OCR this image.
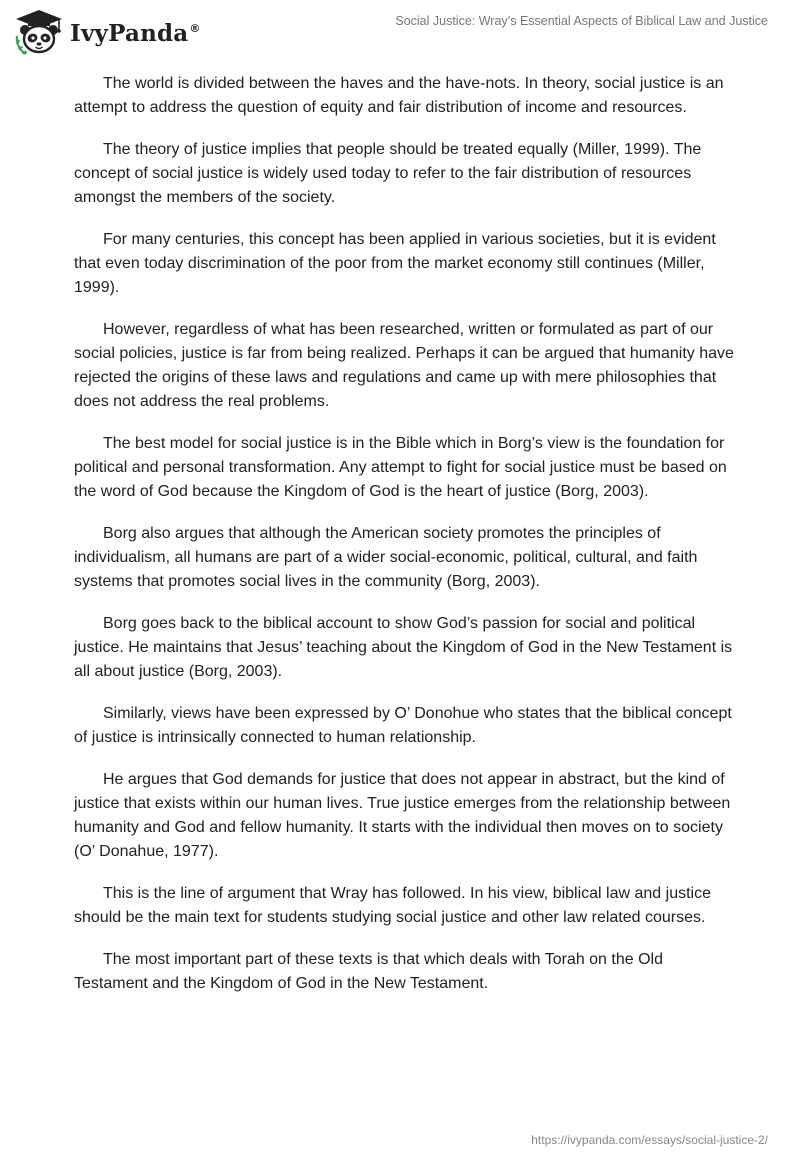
IvyPanda®
Social Justice: Wray’s Essential Aspects of Biblical Law and Justice

The world is divided between the haves and the have-nots. In theory, social justice is an attempt to address the question of equity and fair distribution of income and resources.

The theory of justice implies that people should be treated equally (Miller, 1999). The concept of social justice is widely used today to refer to the fair distribution of resources amongst the members of the society.

For many centuries, this concept has been applied in various societies, but it is evident that even today discrimination of the poor from the market economy still continues (Miller, 1999).

However, regardless of what has been researched, written or formulated as part of our social policies, justice is far from being realized. Perhaps it can be argued that humanity have rejected the origins of these laws and regulations and came up with mere philosophies that does not address the real problems.

The best model for social justice is in the Bible which in Borg’s view is the foundation for political and personal transformation. Any attempt to fight for social justice must be based on the word of God because the Kingdom of God is the heart of justice (Borg, 2003).

Borg also argues that although the American society promotes the principles of individualism, all humans are part of a wider social-economic, political, cultural, and faith systems that promotes social lives in the community (Borg, 2003).

Borg goes back to the biblical account to show God’s passion for social and political justice. He maintains that Jesus’ teaching about the Kingdom of God in the New Testament is all about justice (Borg, 2003).

Similarly, views have been expressed by O’ Donohue who states that the biblical concept of justice is intrinsically connected to human relationship.

He argues that God demands for justice that does not appear in abstract, but the kind of justice that exists within our human lives. True justice emerges from the relationship between humanity and God and fellow humanity. It starts with the individual then moves on to society (O’ Donahue, 1977).

This is the line of argument that Wray has followed. In his view, biblical law and justice should be the main text for students studying social justice and other law related courses.

The most important part of these texts is that which deals with Torah on the Old Testament and the Kingdom of God in the New Testament.

https://ivypanda.com/essays/social-justice-2/
